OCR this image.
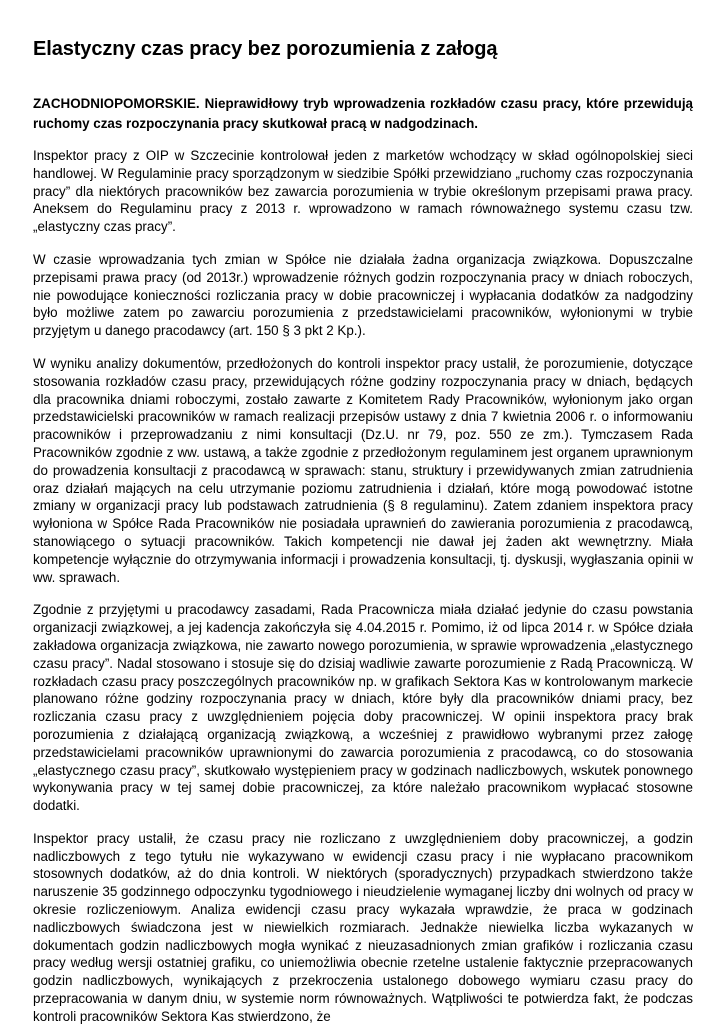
Elastyczny czas pracy bez porozumienia z załogą

ZACHODNIOPOMORSKIE. Nieprawidłowy tryb wprowadzenia rozkładów czasu pracy, które przewidują ruchomy czas rozpoczynania pracy skutkował pracą w nadgodzinach.

Inspektor pracy z OIP w Szczecinie kontrolował jeden z marketów wchodzący w skład ogólnopolskiej sieci handlowej. W Regulaminie pracy sporządzonym w siedzibie Spółki przewidziano „ruchomy czas rozpoczynania pracy” dla niektórych pracowników bez zawarcia porozumienia w trybie określonym przepisami prawa pracy. Aneksem do Regulaminu pracy z 2013 r. wprowadzono w ramach równoważnego systemu czasu tzw. „elastyczny czas pracy”.

W czasie wprowadzania tych zmian w Spółce nie działała żadna organizacja związkowa. Dopuszczalne przepisami prawa pracy (od 2013r.) wprowadzenie różnych godzin rozpoczynania pracy w dniach roboczych, nie powodujące konieczności rozliczania pracy w dobie pracowniczej i wypłacania dodatków za nadgodziny było możliwe zatem po zawarciu porozumienia z przedstawicielami pracowników, wyłonionymi w trybie przyjętym u danego pracodawcy (art. 150 § 3 pkt 2 Kp.).

W wyniku analizy dokumentów, przedłożonych do kontroli inspektor pracy ustalił, że porozumienie, dotyczące stosowania rozkładów czasu pracy, przewidujących różne godziny rozpoczynania pracy w dniach, będących dla pracownika dniami roboczymi, zostało zawarte z Komitetem Rady Pracowników, wyłonionym jako organ przedstawicielski pracowników w ramach realizacji przepisów ustawy z dnia 7 kwietnia 2006 r. o informowaniu pracowników i przeprowadzaniu z nimi konsultacji (Dz.U. nr 79, poz. 550 ze zm.). Tymczasem Rada Pracowników zgodnie z ww. ustawą, a także zgodnie z przedłożonym regulaminem jest organem uprawnionym do prowadzenia konsultacji z pracodawcą w sprawach: stanu, struktury i przewidywanych zmian zatrudnienia oraz działań mających na celu utrzymanie poziomu zatrudnienia i działań, które mogą powodować istotne zmiany w organizacji pracy lub podstawach zatrudnienia (§ 8 regulaminu). Zatem zdaniem inspektora pracy wyłoniona w Spółce Rada Pracowników nie posiadała uprawnień do zawierania porozumienia z pracodawcą, stanowiącego o sytuacji pracowników. Takich kompetencji nie dawał jej żaden akt wewnętrzny. Miała kompetencje wyłącznie do otrzymywania informacji i prowadzenia konsultacji, tj. dyskusji, wygłaszania opinii w ww. sprawach.

Zgodnie z przyjętymi u pracodawcy zasadami, Rada Pracownicza miała działać jedynie do czasu powstania organizacji związkowej, a jej kadencja zakończyła się 4.04.2015 r. Pomimo, iż od lipca 2014 r. w Spółce działa zakładowa organizacja związkowa, nie zawarto nowego porozumienia, w sprawie wprowadzenia „elastycznego czasu pracy”. Nadal stosowano i stosuje się do dzisiaj wadliwie zawarte porozumienie z Radą Pracowniczą. W rozkładach czasu pracy poszczególnych pracowników np. w grafikach Sektora Kas w kontrolowanym markecie planowano różne godziny rozpoczynania pracy w dniach, które były dla pracowników dniami pracy, bez rozliczania czasu pracy z uwzględnieniem pojęcia doby pracowniczej. W opinii inspektora pracy brak porozumienia z działającą organizacją związkową, a wcześniej z prawidłowo wybranymi przez załogę przedstawicielami pracowników uprawnionymi do zawarcia porozumienia z pracodawcą, co do stosowania „elastycznego czasu pracy”, skutkowało występieniem pracy w godzinach nadliczbowych, wskutek ponownego wykonywania pracy w tej samej dobie pracowniczej, za które należało pracownikom wypłacać stosowne dodatki.

Inspektor pracy ustalił, że czasu pracy nie rozliczano z uwzględnieniem doby pracowniczej, a godzin nadliczbowych z tego tytułu nie wykazywano w ewidencji czasu pracy i nie wypłacano pracownikom stosownych dodatków, aż do dnia kontroli. W niektórych (sporadycznych) przypadkach stwierdzono także naruszenie 35 godzinnego odpoczynku tygodniowego i nieudzielenie wymaganej liczby dni wolnych od pracy w okresie rozliczeniowym. Analiza ewidencji czasu pracy wykazała wprawdzie, że praca w godzinach nadliczbowych świadczona jest w niewielkich rozmiarach. Jednakże niewielka liczba wykazanych w dokumentach godzin nadliczbowych mogła wynikać z nieuzasadnionych zmian grafików i rozliczania czasu pracy według wersji ostatniej grafiku, co uniemożliwia obecnie rzetelne ustalenie faktycznie przepracowanych godzin nadliczbowych, wynikających z przekroczenia ustalonego dobowego wymiaru czasu pracy do przepracowania w danym dniu, w systemie norm równoważnych. Wątpliwości te potwierdza fakt, że podczas kontroli pracowników Sektora Kas stwierdzono, że
